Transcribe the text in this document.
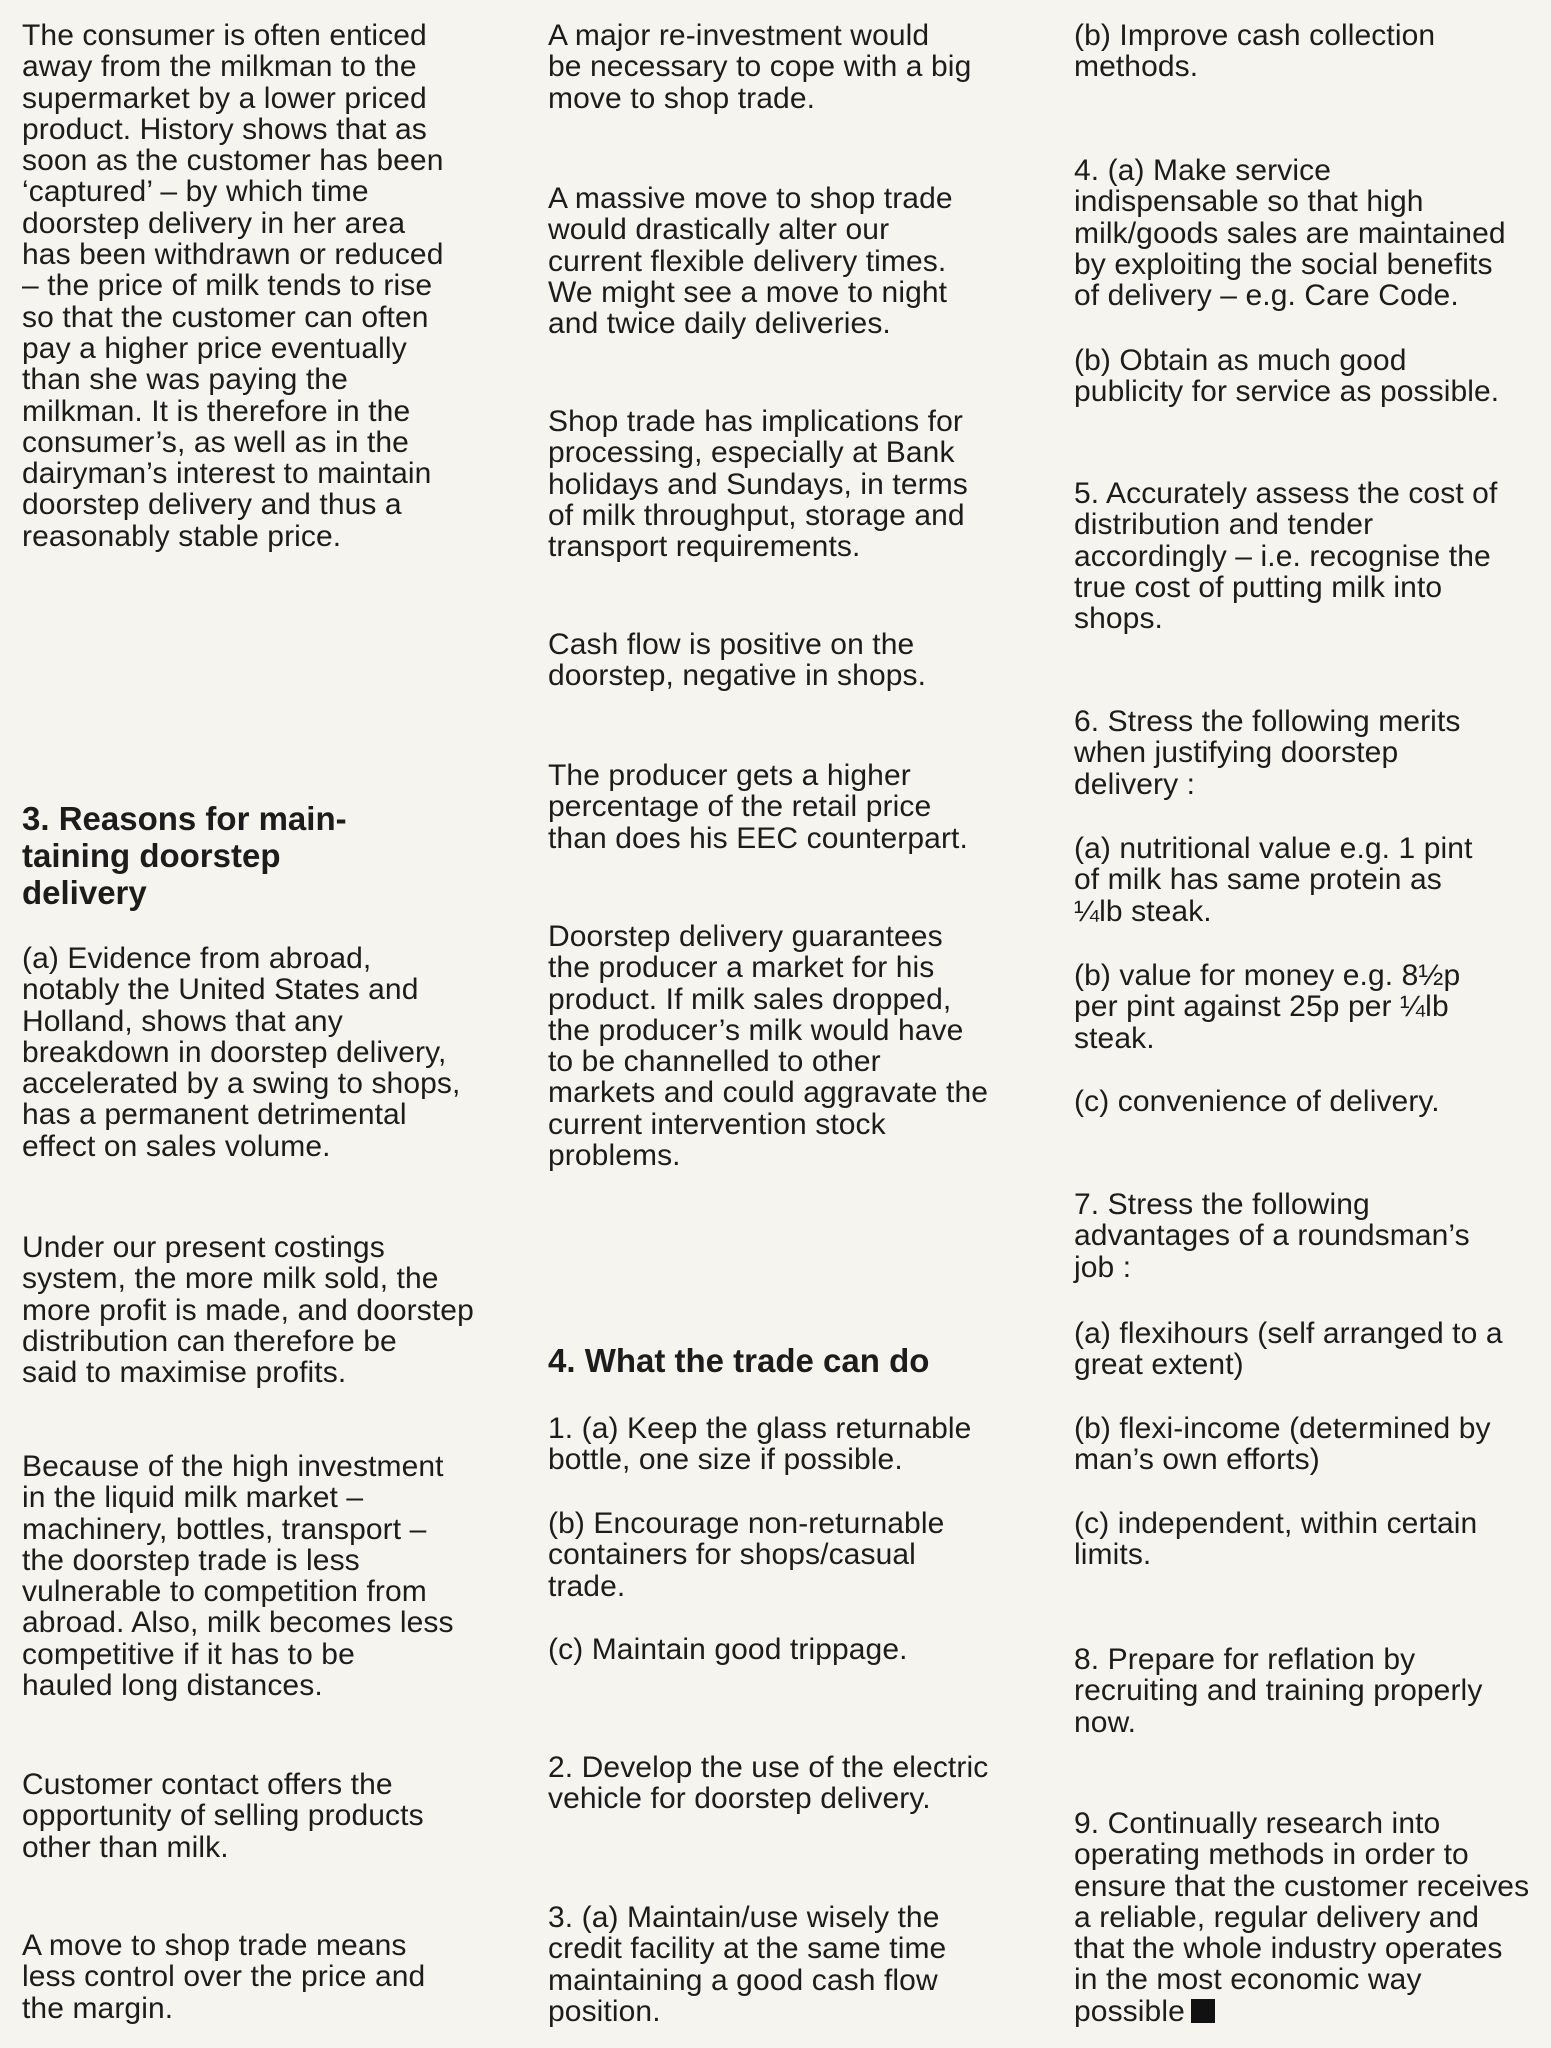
The consumer is often enticed
away from the milkman to the
supermarket by a lower priced
product. History shows that as
soon as the customer has been
‘captured’ – by which time
doorstep delivery in her area
has been withdrawn or reduced
– the price of milk tends to rise
so that the customer can often
pay a higher price eventually
than she was paying the
milkman. It is therefore in the
consumer’s, as well as in the
dairyman’s interest to maintain
doorstep delivery and thus a
reasonably stable price.

3. Reasons for main-
taining doorstep
delivery

(a) Evidence from abroad,
notably the United States and
Holland, shows that any
breakdown in doorstep delivery,
accelerated by a swing to shops,
has a permanent detrimental
effect on sales volume.

Under our present costings
system, the more milk sold, the
more profit is made, and doorstep
distribution can therefore be
said to maximise profits.

Because of the high investment
in the liquid milk market –
machinery, bottles, transport –
the doorstep trade is less
vulnerable to competition from
abroad. Also, milk becomes less
competitive if it has to be
hauled long distances.

Customer contact offers the
opportunity of selling products
other than milk.

A move to shop trade means
less control over the price and
the margin.

A major re-investment would
be necessary to cope with a big
move to shop trade.

A massive move to shop trade
would drastically alter our
current flexible delivery times.
We might see a move to night
and twice daily deliveries.

Shop trade has implications for
processing, especially at Bank
holidays and Sundays, in terms
of milk throughput, storage and
transport requirements.

Cash flow is positive on the
doorstep, negative in shops.

The producer gets a higher
percentage of the retail price
than does his EEC counterpart.

Doorstep delivery guarantees
the producer a market for his
product. If milk sales dropped,
the producer’s milk would have
to be channelled to other
markets and could aggravate the
current intervention stock
problems.

4. What the trade can do

1. (a) Keep the glass returnable
bottle, one size if possible.

(b) Encourage non-returnable
containers for shops/casual
trade.

(c) Maintain good trippage.

2. Develop the use of the electric
vehicle for doorstep delivery.

3. (a) Maintain/use wisely the
credit facility at the same time
maintaining a good cash flow
position.

(b) Improve cash collection
methods.

4. (a) Make service
indispensable so that high
milk/goods sales are maintained
by exploiting the social benefits
of delivery – e.g. Care Code.

(b) Obtain as much good
publicity for service as possible.

5. Accurately assess the cost of
distribution and tender
accordingly – i.e. recognise the
true cost of putting milk into
shops.

6. Stress the following merits
when justifying doorstep
delivery :

(a) nutritional value e.g. 1 pint
of milk has same protein as
¼lb steak.

(b) value for money e.g. 8½p
per pint against 25p per ¼lb
steak.

(c) convenience of delivery.

7. Stress the following
advantages of a roundsman’s
job :

(a) flexihours (self arranged to a
great extent)

(b) flexi-income (determined by
man’s own efforts)

(c) independent, within certain
limits.

8. Prepare for reflation by
recruiting and training properly
now.

9. Continually research into
operating methods in order to
ensure that the customer receives
a reliable, regular delivery and
that the whole industry operates
in the most economic way
possible
